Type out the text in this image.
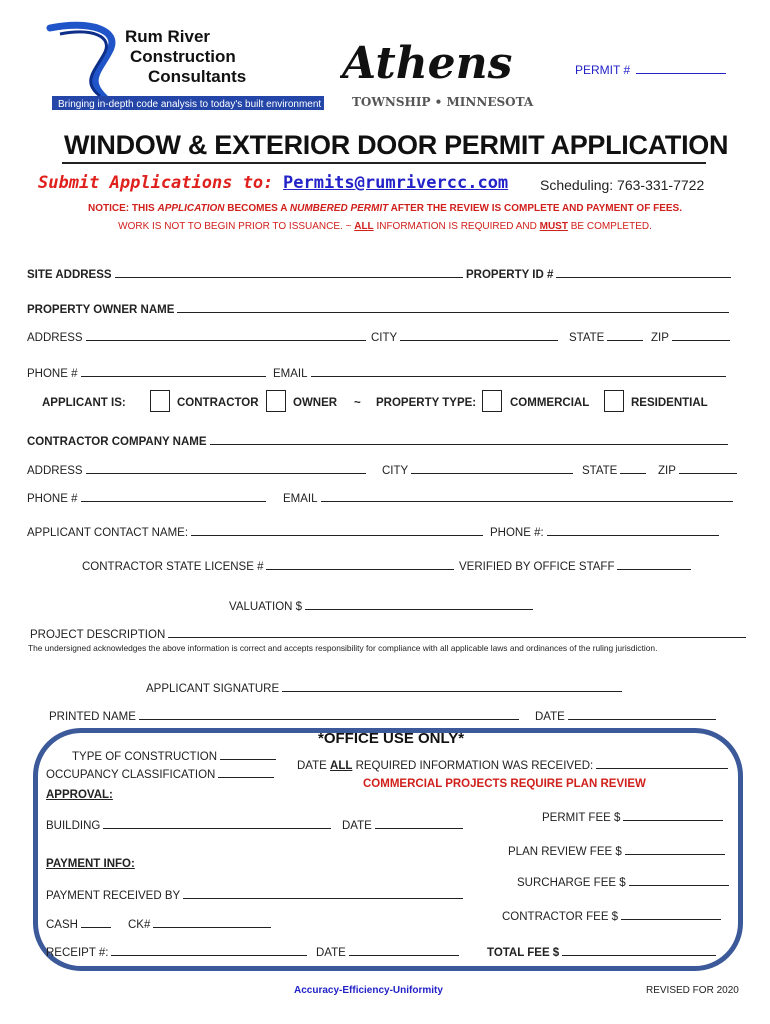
Rum River
Construction
Consultants
Bringing in-depth code analysis to today's built environment
Athens
TOWNSHIP • MINNESOTA
PERMIT #
WINDOW & EXTERIOR DOOR PERMIT APPLICATION
Submit Applications to: Permits@rumrivercc.com Scheduling: 763-331-7722
NOTICE: THIS APPLICATION BECOMES A NUMBERED PERMIT AFTER THE REVIEW IS COMPLETE AND PAYMENT OF FEES.
WORK IS NOT TO BEGIN PRIOR TO ISSUANCE. ~ ALL INFORMATION IS REQUIRED AND MUST BE COMPLETED.
SITE ADDRESS	PROPERTY ID #
PROPERTY OWNER NAME
ADDRESS	CITY	STATE	ZIP
PHONE #	EMAIL
APPLICANT IS:	CONTRACTOR	OWNER ~ PROPERTY TYPE:	COMMERCIAL	RESIDENTIAL
CONTRACTOR COMPANY NAME
ADDRESS	CITY	STATE	ZIP
PHONE #	EMAIL
APPLICANT CONTACT NAME:	PHONE #:
CONTRACTOR STATE LICENSE #	VERIFIED BY OFFICE STAFF
VALUATION $
PROJECT DESCRIPTION
The undersigned acknowledges the above information is correct and accepts responsibility for compliance with all applicable laws and ordinances of the ruling jurisdiction.
APPLICANT SIGNATURE
PRINTED NAME	DATE
*OFFICE USE ONLY*
TYPE OF CONSTRUCTION
OCCUPANCY CLASSIFICATION
DATE ALL REQUIRED INFORMATION WAS RECEIVED:
COMMERCIAL PROJECTS REQUIRE PLAN REVIEW
APPROVAL:
BUILDING	DATE
PERMIT FEE $
PLAN REVIEW FEE $
PAYMENT INFO:
SURCHARGE FEE $
PAYMENT RECEIVED BY
CASH	CK#
CONTRACTOR FEE $
RECEIPT #:	DATE	TOTAL FEE $
Accuracy-Efficiency-Uniformity	REVISED FOR 2020
